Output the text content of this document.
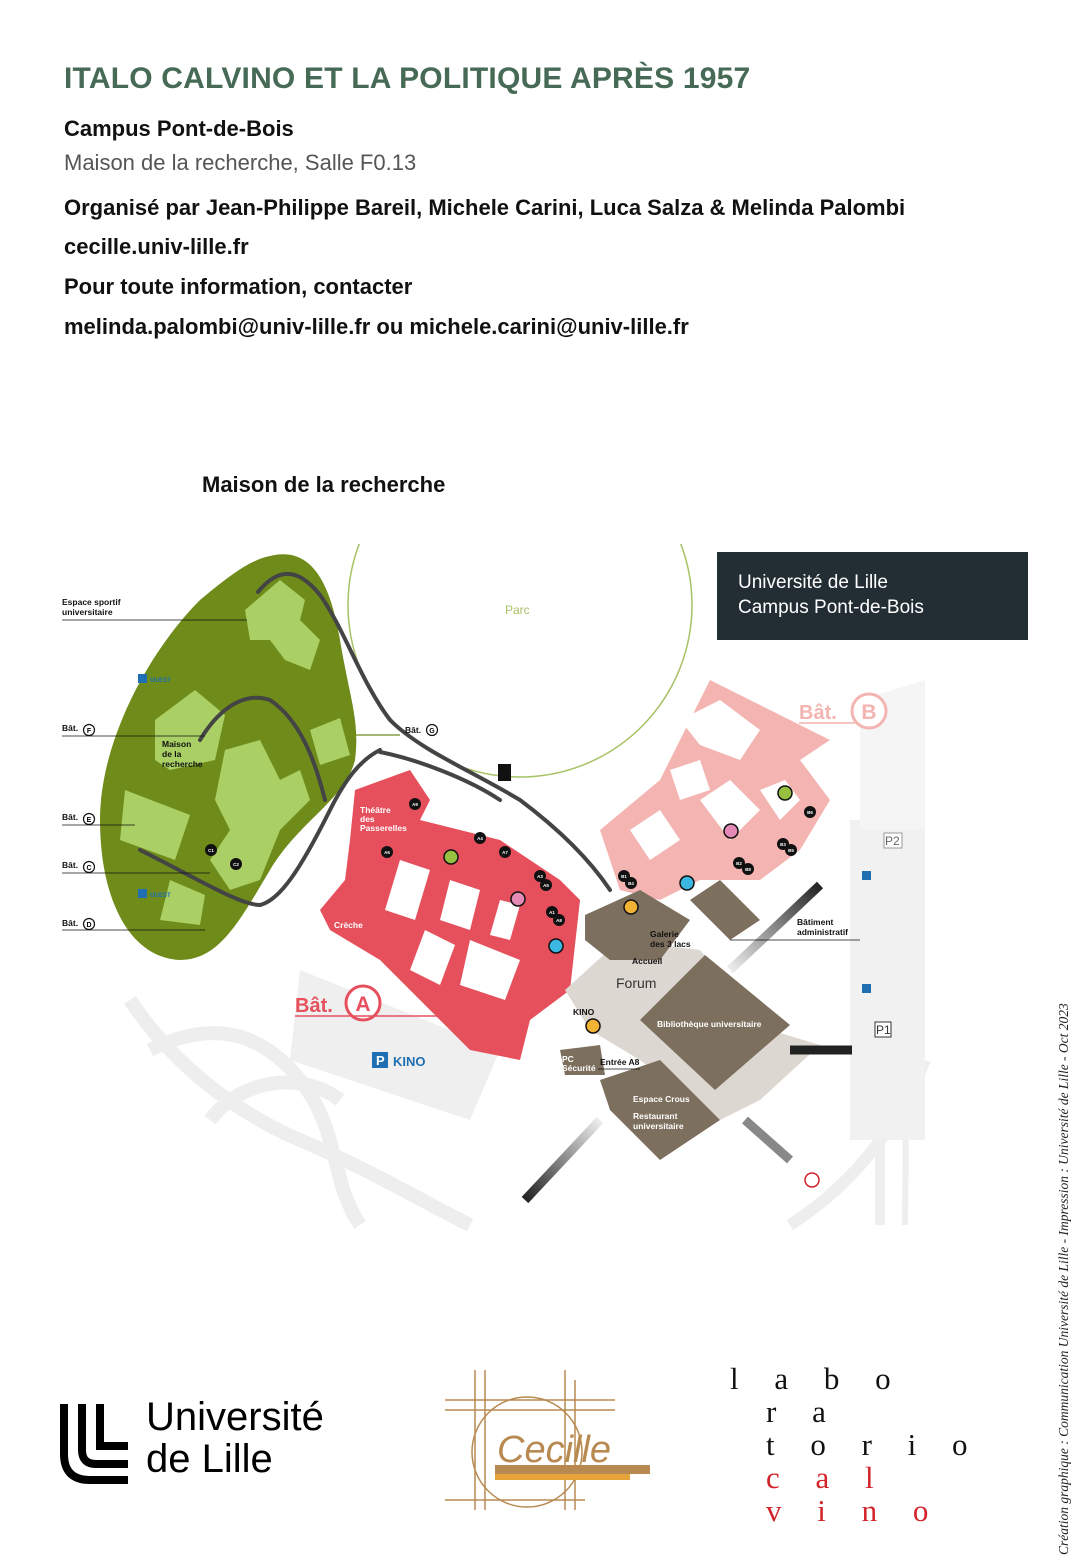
ITALO CALVINO ET LA POLITIQUE APRÈS 1957
Campus Pont-de-Bois
Maison de la recherche, Salle F0.13
Organisé par Jean-Philippe Bareil, Michele Carini, Luca Salza & Melinda Palombi
cecille.univ-lille.fr
Pour toute information, contacter
melinda.palombi@univ-lille.fr ou michele.carini@univ-lille.fr
Maison de la recherche
Parc
Espace sportif
universitaire
Bât.
Bât.
Bât.
Bât.
Bât.
Maison
de la
recherche
Théâtre
des
Passerelles
Crèche
Galerie
des 3 lacs
Accueil
Bibliothèque universitaire
Bâtiment
administratif
KINO
PC
Sécurité
Entrée A8
Espace Crous
Restaurant
universitaire
Forum
F
E
C
D
G
Bât. A
Bât. B
A9
A6
A4
A7
A3
A5
A1
A8
B1
B4
B2
B3
B8
B5
B6
C1
C2
OUEST
OUEST
P KINO
P1
P2
Université de Lille
Campus Pont-de-Bois
Création graphique : Communication Université de Lille - Impression : Université de Lille - Oct 2023
Université
de Lille	Cecille
l a b o
r a
t o r i o
c a l
v i n o
